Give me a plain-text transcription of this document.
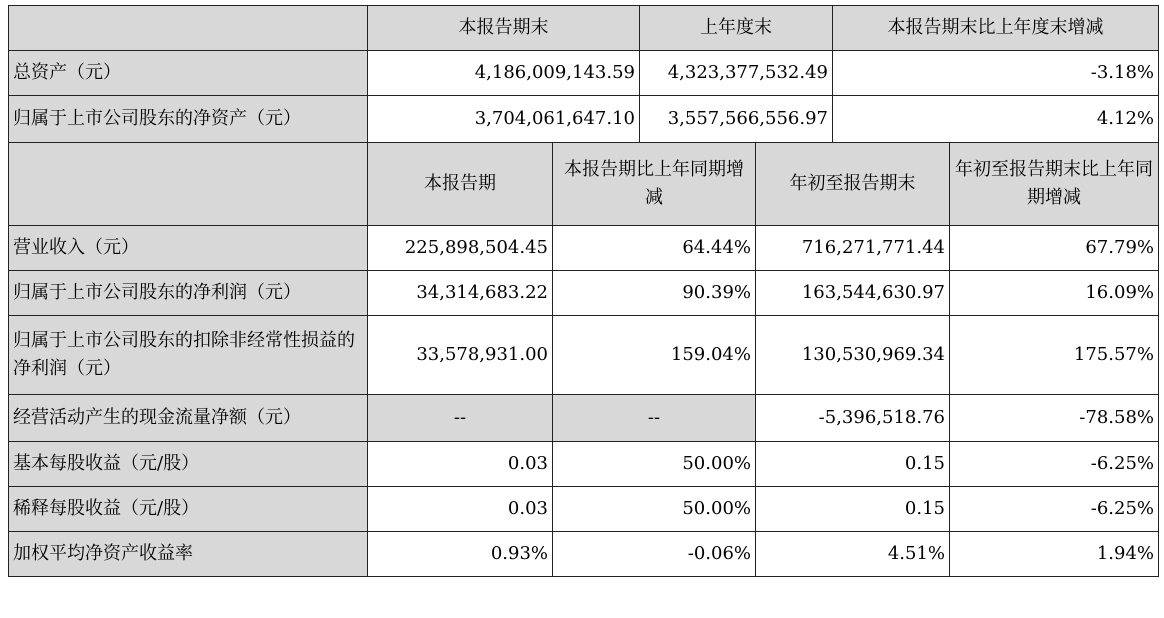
	本报告期末		上年度末		本报告期末比上年度末增减	
总资产（元）	4,186,009,143.59		4,323,377,532.49		-3.18%	
归属于上市公司股东的净资产（元）	3,704,061,647.10		3,557,566,556.97		4.12%	
	本报告期	本报告期比上年同期增减		年初至报告期末		年初至报告期末比上年同期增减
营业收入（元）	225,898,504.45	64.44%		716,271,771.44		67.79%
归属于上市公司股东的净利润（元）	34,314,683.22	90.39%		163,544,630.97		16.09%
归属于上市公司股东的扣除非经常性损益的净利润（元）	33,578,931.00	159.04%		130,530,969.34		175.57%
经营活动产生的现金流量净额（元）	--	--		-5,396,518.76		-78.58%
基本每股收益（元/股）	0.03	50.00%		0.15		-6.25%
稀释每股收益（元/股）	0.03	50.00%		0.15		-6.25%
加权平均净资产收益率	0.93%	-0.06%		4.51%		1.94%
